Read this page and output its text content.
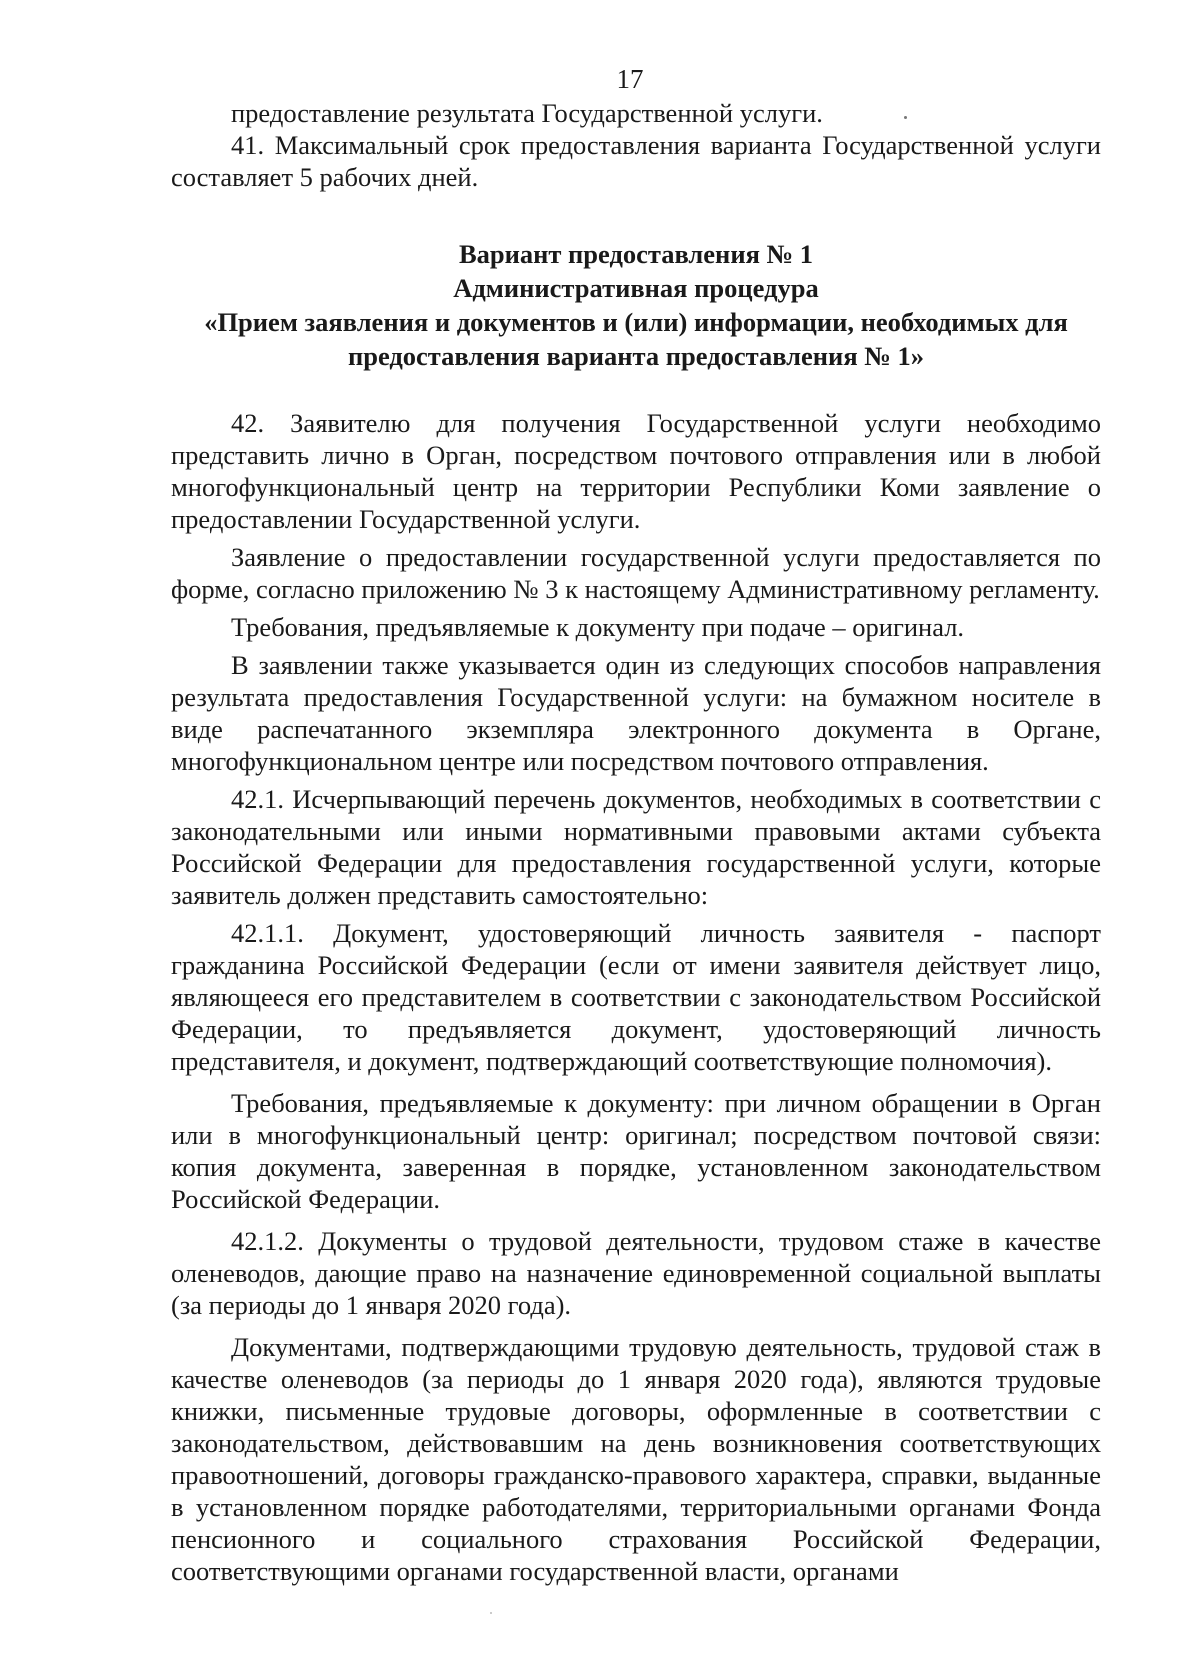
17

предоставление результата Государственной услуги.

41. Максимальный срок предоставления варианта Государственной услуги составляет 5 рабочих дней.

Вариант предоставления № 1
Административная процедура
«Прием заявления и документов и (или) информации, необходимых для
предоставления варианта предоставления № 1»

42. Заявителю для получения Государственной услуги необходимо представить лично в Орган, посредством почтового отправления или в любой многофункциональный центр на территории Республики Коми заявление о предоставлении Государственной услуги.

Заявление о предоставлении государственной услуги предоставляется по форме, согласно приложению № 3 к настоящему Административному регламенту.

Требования, предъявляемые к документу при подаче – оригинал.

В заявлении также указывается один из следующих способов направления результата предоставления Государственной услуги: на бумажном носителе в виде распечатанного экземпляра электронного документа в Органе, многофункциональном центре или посредством почтового отправления.

42.1. Исчерпывающий перечень документов, необходимых в соответствии с законодательными или иными нормативными правовыми актами субъекта Российской Федерации для предоставления государственной услуги, которые заявитель должен представить самостоятельно:

42.1.1. Документ, удостоверяющий личность заявителя - паспорт гражданина Российской Федерации (если от имени заявителя действует лицо, являющееся его представителем в соответствии с законодательством Российской Федерации, то предъявляется документ, удостоверяющий личность представителя, и документ, подтверждающий соответствующие полномочия).

Требования, предъявляемые к документу: при личном обращении в Орган или в многофункциональный центр: оригинал; посредством почтовой связи: копия документа, заверенная в порядке, установленном законодательством Российской Федерации.

42.1.2. Документы о трудовой деятельности, трудовом стаже в качестве оленеводов, дающие право на назначение единовременной социальной выплаты (за периоды до 1 января 2020 года).

Документами, подтверждающими трудовую деятельность, трудовой стаж в качестве оленеводов (за периоды до 1 января 2020 года), являются трудовые книжки, письменные трудовые договоры, оформленные в соответствии с законодательством, действовавшим на день возникновения соответствующих правоотношений, договоры гражданско-правового характера, справки, выданные в установленном порядке работодателями, территориальными органами Фонда пенсионного и социального страхования Российской Федерации, соответствующими органами государственной власти, органами
